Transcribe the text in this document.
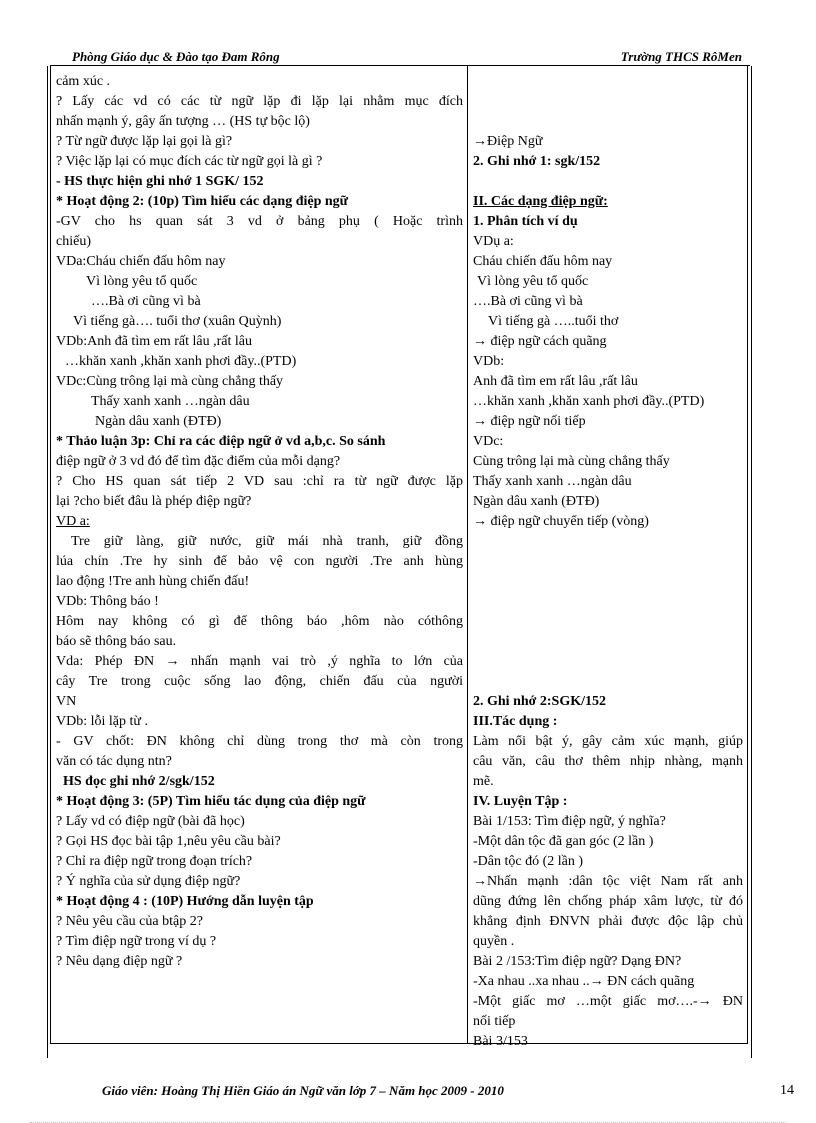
Phòng Giáo dục & Đào tạo Đam Rông	Trường THCS RôMen
cảm xúc .
? Lấy các vd có các từ ngữ lặp đi lặp lại nhằm mục đích
nhấn mạnh ý, gây ấn tượng … (HS tự bộc lộ)
? Từ ngữ được lặp lại gọi là gì?
? Việc lặp lại có mục đích các từ ngữ gọi là gì ?
- HS thực hiện ghi nhớ 1 SGK/ 152
* Hoạt động 2: (10p) Tìm hiểu các dạng điệp ngữ
-GV cho hs quan sát 3 vd ở bảng phụ ( Hoặc trình
chiếu)
VDa:Cháu chiến đấu hôm nay
Vì lòng yêu tổ quốc
….Bà ơi cũng vì bà
Vì tiếng gà…. tuổi thơ (xuân Quỳnh)
VDb:Anh đã tìm em rất lâu ,rất lâu
…khăn xanh ,khăn xanh phơi đầy..(PTD)
VDc:Cùng trông lại mà cùng chẳng thấy
Thấy xanh xanh …ngàn dâu
Ngàn dâu xanh (ĐTĐ)
* Thảo luận 3p: Chỉ ra các điệp ngữ ở vd a,b,c. So sánh
điệp ngữ ở 3 vd đó để tìm đặc điểm của mỗi dạng?
? Cho HS quan sát tiếp 2 VD sau :chỉ ra từ ngữ được lặp
lại ?cho biết đâu là phép điệp ngữ?
VD a:
Tre giữ làng, giữ nước, giữ mái nhà tranh, giữ đồng
lúa chín .Tre hy sinh để bảo vệ con người .Tre anh hùng
lao động !Tre anh hùng chiến đấu!
VDb: Thông báo !
Hôm nay không có gì để thông báo ,hôm nào cóthông
báo sẽ thông báo sau.
Vda: Phép ĐN → nhấn mạnh vai trò ,ý nghĩa to lớn của
cây Tre trong cuộc sống lao động, chiến đấu của người
VN
VDb: lỗi lặp từ .
- GV chốt: ĐN không chỉ dùng trong thơ mà còn trong
văn có tác dụng ntn?
HS đọc ghi nhớ 2/sgk/152
* Hoạt động 3: (5P) Tìm hiểu tác dụng của điệp ngữ
? Lấy vd có điệp ngữ (bài đã học)
? Gọi HS đọc bài tập 1,nêu yêu cầu bài?
? Chỉ ra điệp ngữ trong đoạn trích?
? Ý nghĩa của sử dụng điệp ngữ?
* Hoạt động 4 : (10P) Hướng dẫn luyện tập
? Nêu yêu cầu của btập 2?
? Tìm điệp ngữ trong ví dụ ?
? Nêu dạng điệp ngữ ?
→Điệp Ngữ
2. Ghi nhớ 1: sgk/152
II. Các dạng điệp ngữ:
1. Phân tích ví dụ
VDụ a:
Cháu chiến đấu hôm nay
Vì lòng yêu tổ quốc
….Bà ơi cũng vì bà
Vì tiếng gà …..tuổi thơ
→ điệp ngữ cách quãng
VDb:
Anh đã tìm em rất lâu ,rất lâu
…khăn xanh ,khăn xanh phơi đầy..(PTD)
→ điệp ngữ nối tiếp
VDc:
Cùng trông lại mà cùng chẳng thấy
Thấy xanh xanh …ngàn dâu
Ngàn dâu xanh (ĐTĐ)
→ điệp ngữ chuyển tiếp (vòng)
2. Ghi nhớ 2:SGK/152
III.Tác dụng :
Làm nổi bật ý, gây cảm xúc mạnh, giúp
câu văn, câu thơ thêm nhịp nhàng, mạnh
mẽ.
IV. Luyện Tập :
Bài 1/153: Tìm điệp ngữ, ý nghĩa?
-Một dân tộc đã gan góc (2 lần )
-Dân tộc đó (2 lần )
→Nhấn mạnh :dân tộc việt Nam rất anh
dũng đứng lên chống pháp xâm lược, từ đó
khẳng định ĐNVN phải được độc lập chủ
quyền .
Bài 2 /153:Tìm điệp ngữ? Dạng ĐN?
-Xa nhau ..xa nhau ..→ ĐN cách quãng
-Một giấc mơ …một giấc mơ….-→ ĐN
nối tiếp
Bài 3/153
Giáo viên: Hoàng Thị Hiền Giáo án Ngữ văn lớp 7 – Năm học 2009 - 2010	14
